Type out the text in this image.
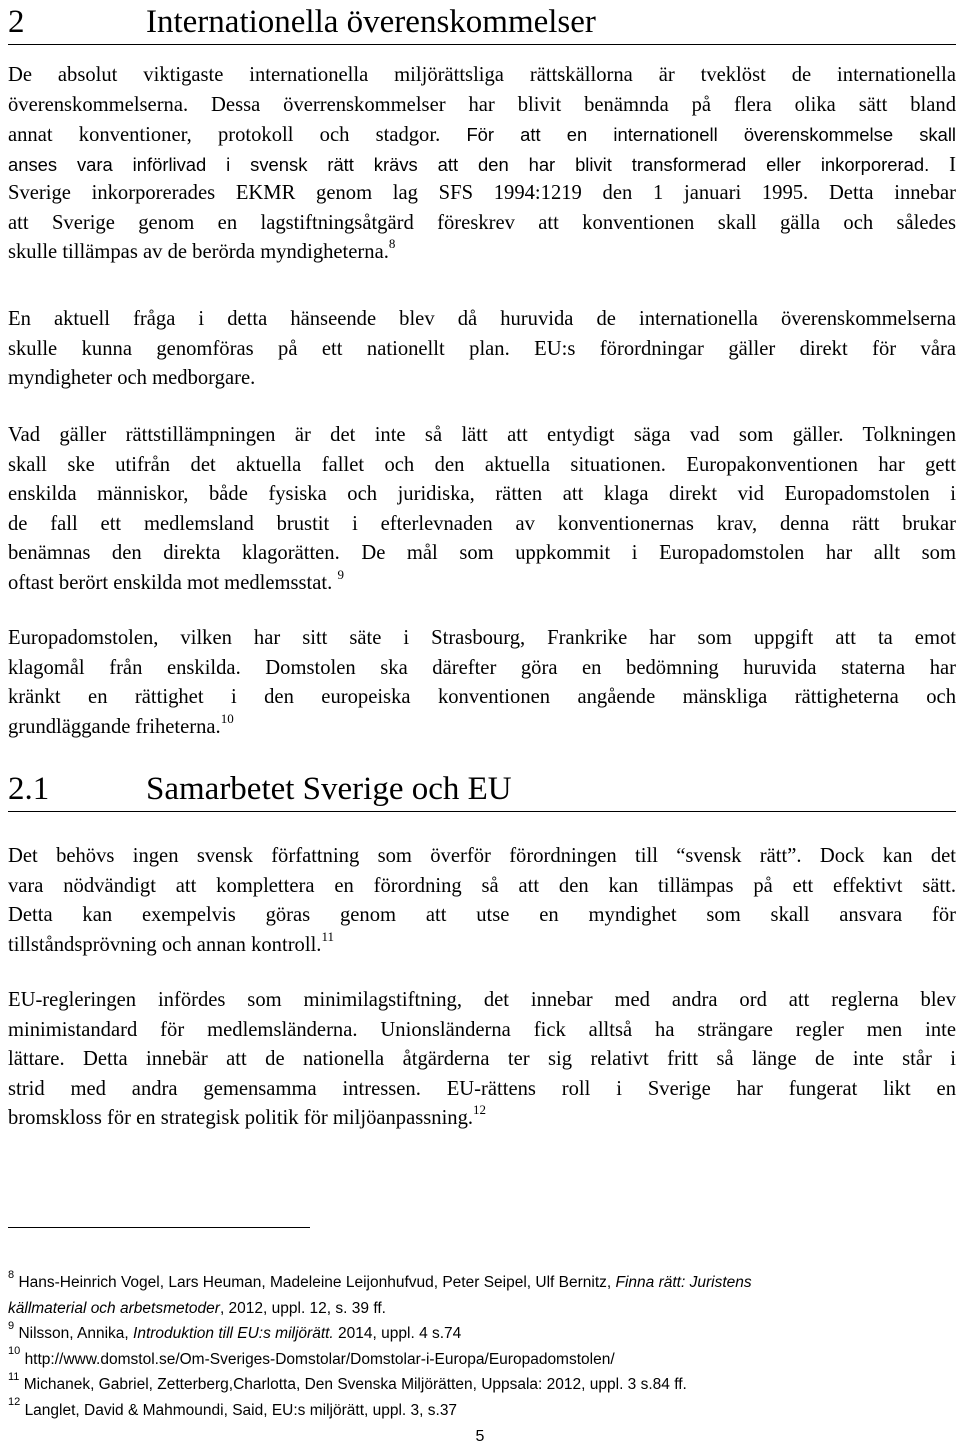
2	Internationella överenskommelser
De absolut viktigaste internationella miljörättsliga rättskällorna är tveklöst de internationella
överenskommelserna. Dessa överrenskommelser har blivit benämnda på flera olika sätt bland
annat konventioner, protokoll och stadgor. För att en internationell överenskommelse skall
anses vara införlivad i svensk rätt krävs att den har blivit transformerad eller inkorporerad. I
Sverige inkorporerades EKMR genom lag SFS 1994:1219 den 1 januari 1995. Detta innebar
att Sverige genom en lagstiftningsåtgärd föreskrev att konventionen skall gälla och således
skulle tillämpas av de berörda myndigheterna.$^8$
En aktuell fråga i detta hänseende blev då huruvida de internationella överenskommelserna
skulle kunna genomföras på ett nationellt plan. EU:s förordningar gäller direkt för våra
myndigheter och medborgare.
Vad gäller rättstillämpningen är det inte så lätt att entydigt säga vad som gäller. Tolkningen
skall ske utifrån det aktuella fallet och den aktuella situationen. Europakonventionen har gett
enskilda människor, både fysiska och juridiska, rätten att klaga direkt vid Europadomstolen i
de fall ett medlemsland brustit i efterlevnaden av konventionernas krav, denna rätt brukar
benämnas den direkta klagorätten. De mål som uppkommit i Europadomstolen har allt som
oftast berört enskilda mot medlemsstat. $^9$
Europadomstolen, vilken har sitt säte i Strasbourg, Frankrike har som uppgift att ta emot
klagomål från enskilda. Domstolen ska därefter göra en bedömning huruvida staterna har
kränkt en rättighet i den europeiska konventionen angående mänskliga rättigheterna och
grundläggande friheterna.$^{10}$
2.1	Samarbetet Sverige och EU
Det behövs ingen svensk författning som överför förordningen till “svensk rätt”. Dock kan det
vara nödvändigt att komplettera en förordning så att den kan tillämpas på ett effektivt sätt.
Detta kan exempelvis göras genom att utse en myndighet som skall ansvara för
tillståndsprövning och annan kontroll.$^{11}$
EU-regleringen infördes som minimilagstiftning, det innebar med andra ord att reglerna blev
minimistandard för medlemsländerna. Unionsländerna fick alltså ha strängare regler men inte
lättare. Detta innebär att de nationella åtgärderna ter sig relativt fritt så länge de inte står i
strid med andra gemensamma intressen. EU-rättens roll i Sverige har fungerat likt en
bromskloss för en strategisk politik för miljöanpassning.$^{12}$
$^8$ Hans-Heinrich Vogel, Lars Heuman, Madeleine Leijonhufvud, Peter Seipel, Ulf Bernitz, Finna rätt: Juristens
källmaterial och arbetsmetoder, 2012, uppl. 12, s. 39 ff.
$^9$ Nilsson, Annika, Introduktion till EU:s miljörätt. 2014, uppl. 4 s.74
$^{10}$ http://www.domstol.se/Om-Sveriges-Domstolar/Domstolar-i-Europa/Europadomstolen/
$^{11}$ Michanek, Gabriel, Zetterberg,Charlotta, Den Svenska Miljörätten, Uppsala: 2012, uppl. 3 s.84 ff.
$^{12}$ Langlet, David & Mahmoundi, Said, EU:s miljörätt, uppl. 3, s.37
5
